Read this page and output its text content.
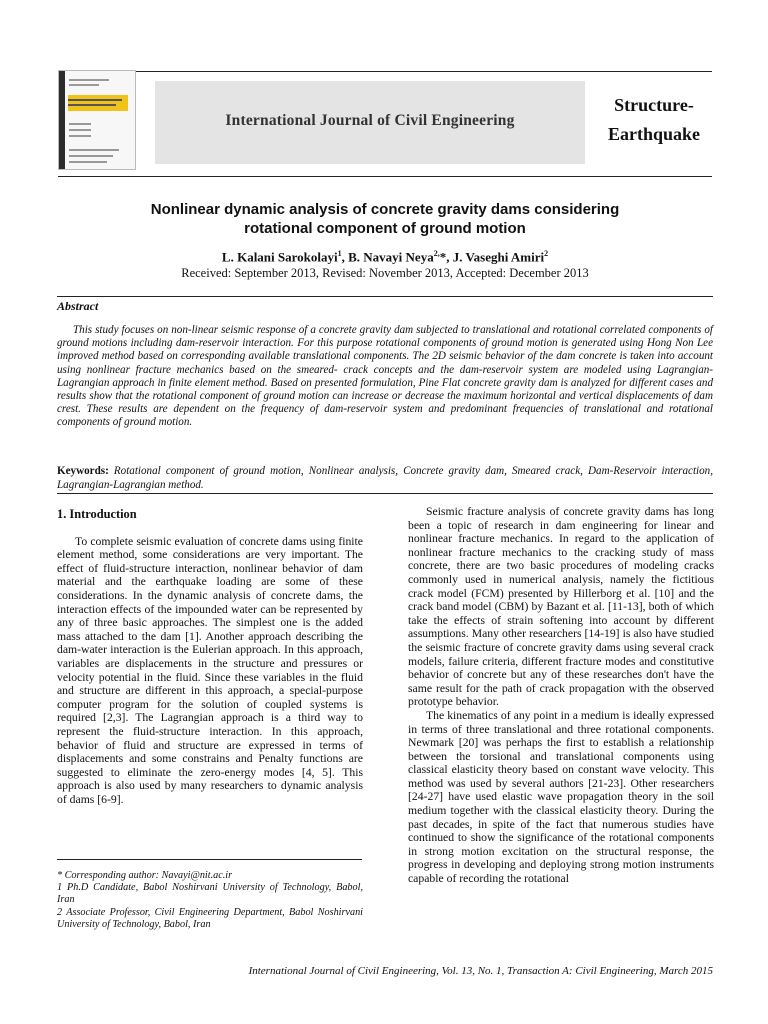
International Journal of Civil Engineering
Structure-
Earthquake
Nonlinear dynamic analysis of concrete gravity dams considering
rotational component of ground motion
L. Kalani Sarokolayi$^1$, B. Navayi Neya$^{2,}$*, J. Vaseghi Amiri$^2$
Received: September 2013, Revised: November 2013, Accepted: December 2013
Abstract

This study focuses on non-linear seismic response of a concrete gravity dam subjected to translational and rotational correlated components of ground motions including dam-reservoir interaction. For this purpose rotational components of ground motion is generated using Hong Non Lee improved method based on corresponding available translational components. The 2D seismic behavior of the dam concrete is taken into account using nonlinear fracture mechanics based on the smeared- crack concepts and the dam-reservoir system are modeled using Lagrangian-Lagrangian approach in finite element method. Based on presented formulation, Pine Flat concrete gravity dam is analyzed for different cases and results show that the rotational component of ground motion can increase or decrease the maximum horizontal and vertical displacements of dam crest. These results are dependent on the frequency of dam-reservoir system and predominant frequencies of translational and rotational components of ground motion.

Keywords: Rotational component of ground motion, Nonlinear analysis, Concrete gravity dam, Smeared crack, Dam-Reservoir interaction, Lagrangian-Lagrangian method.

1. Introduction

To complete seismic evaluation of concrete dams using finite element method, some considerations are very important. The effect of fluid-structure interaction, nonlinear behavior of dam material and the earthquake loading are some of these considerations. In the dynamic analysis of concrete dams, the interaction effects of the impounded water can be represented by any of three basic approaches. The simplest one is the added mass attached to the dam [1]. Another approach describing the dam-water interaction is the Eulerian approach. In this approach, variables are displacements in the structure and pressures or velocity potential in the fluid. Since these variables in the fluid and structure are different in this approach, a special-purpose computer program for the solution of coupled systems is required [2,3]. The Lagrangian approach is a third way to represent the fluid-structure interaction. In this approach, behavior of fluid and structure are expressed in terms of displacements and some constrains and Penalty functions are suggested to eliminate the zero-energy modes [4, 5]. This approach is also used by many researchers to dynamic analysis of dams [6-9].

Seismic fracture analysis of concrete gravity dams has long been a topic of research in dam engineering for linear and nonlinear fracture mechanics. In regard to the application of nonlinear fracture mechanics to the cracking study of mass concrete, there are two basic procedures of modeling cracks commonly used in numerical analysis, namely the fictitious crack model (FCM) presented by Hillerborg et al. [10] and the crack band model (CBM) by Bazant et al. [11-13], both of which take the effects of strain softening into account by different assumptions. Many other researchers [14-19] is also have studied the seismic fracture of concrete gravity dams using several crack models, failure criteria, different fracture modes and constitutive behavior of concrete but any of these researches don't have the same result for the path of crack propagation with the observed prototype behavior.

The kinematics of any point in a medium is ideally expressed in terms of three translational and three rotational components. Newmark [20] was perhaps the first to establish a relationship between the torsional and translational components using classical elasticity theory based on constant wave velocity. This method was used by several authors [21-23]. Other researchers [24-27] have used elastic wave propagation theory in the soil medium together with the classical elasticity theory. During the past decades, in spite of the fact that numerous studies have continued to show the significance of the rotational components in strong motion excitation on the structural response, the progress in developing and deploying strong motion instruments capable of recording the rotational

* Corresponding author: Navayi@nit.ac.ir
1 Ph.D Candidate, Babol Noshirvani University of Technology, Babol, Iran
2 Associate Professor, Civil Engineering Department, Babol Noshirvani University of Technology, Babol, Iran
International Journal of Civil Engineering, Vol. 13, No. 1, Transaction A: Civil Engineering, March 2015
